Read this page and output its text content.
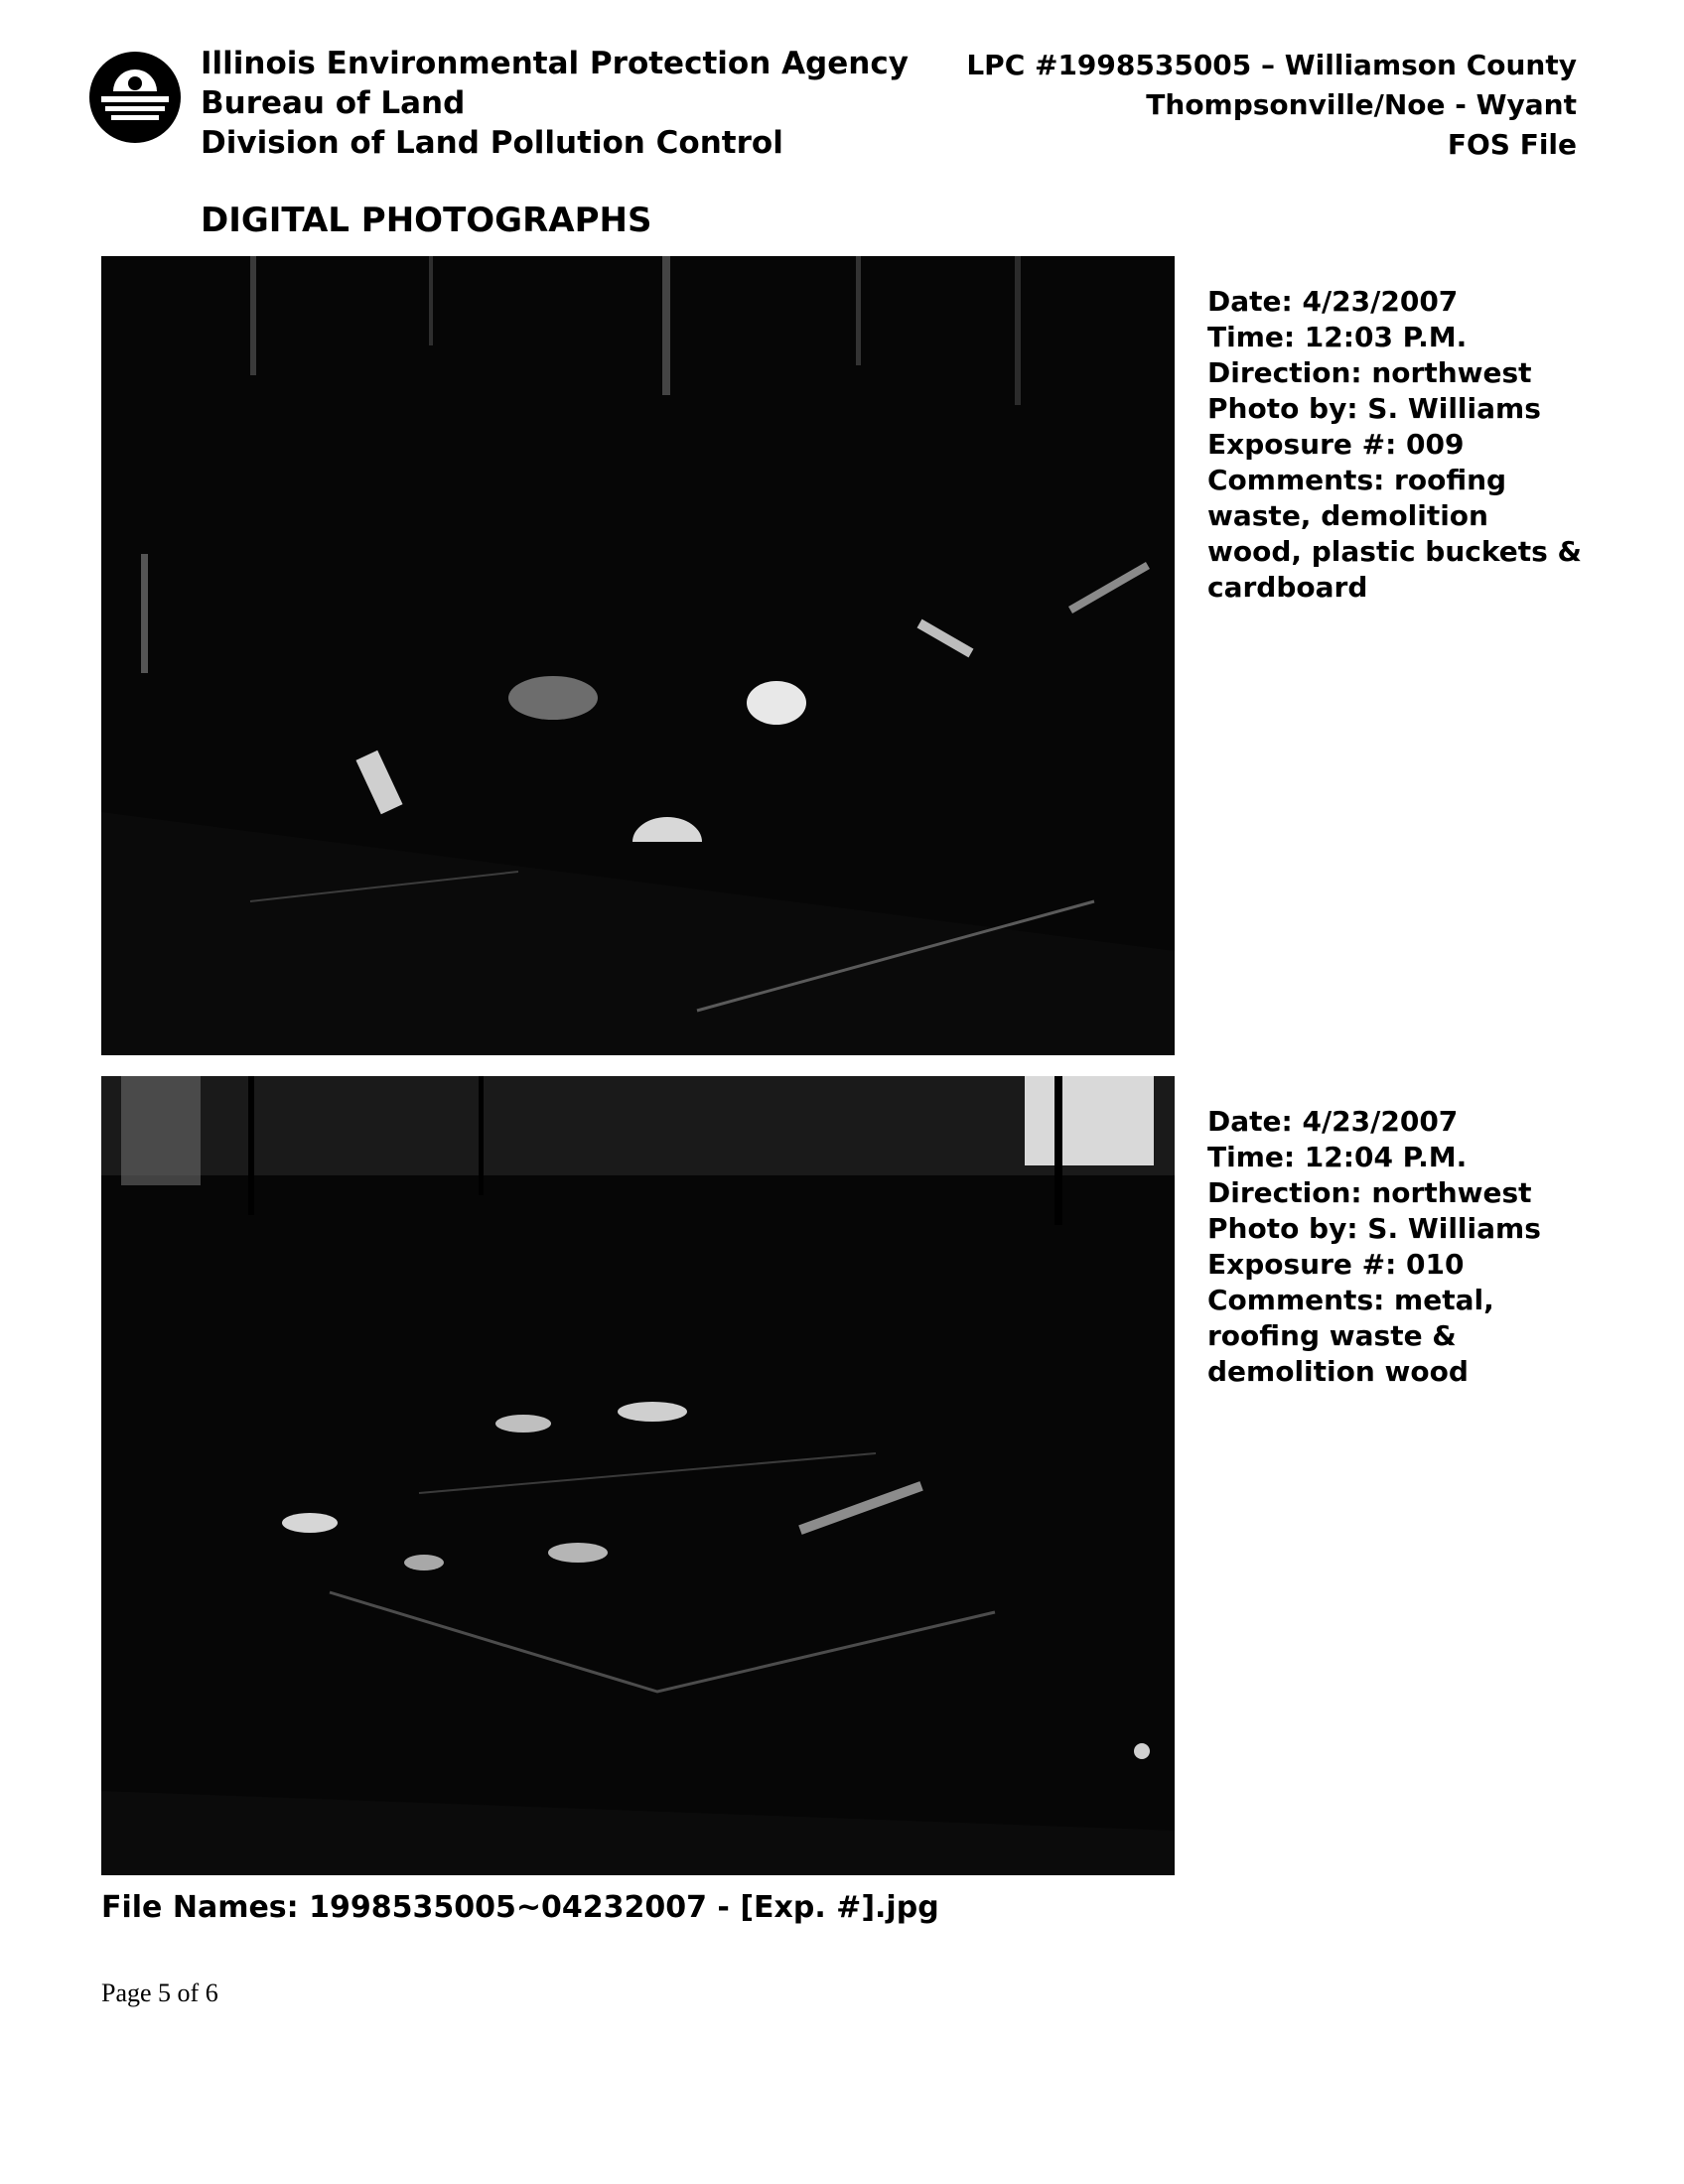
Illinois Environmental Protection Agency
Bureau of Land
Division of Land Pollution Control
LPC #1998535005 – Williamson County
Thompsonville/Noe - Wyant
FOS File
DIGITAL PHOTOGRAPHS
Date: 4/23/2007
Time: 12:03 P.M.
Direction: northwest
Photo by: S. Williams
Exposure #: 009
Comments: roofing waste, demolition wood, plastic buckets & cardboard
Date: 4/23/2007
Time: 12:04 P.M.
Direction: northwest
Photo by: S. Williams
Exposure #: 010
Comments: metal, roofing waste & demolition wood
File Names: 1998535005~04232007 - [Exp. #].jpg
Page 5 of 6
